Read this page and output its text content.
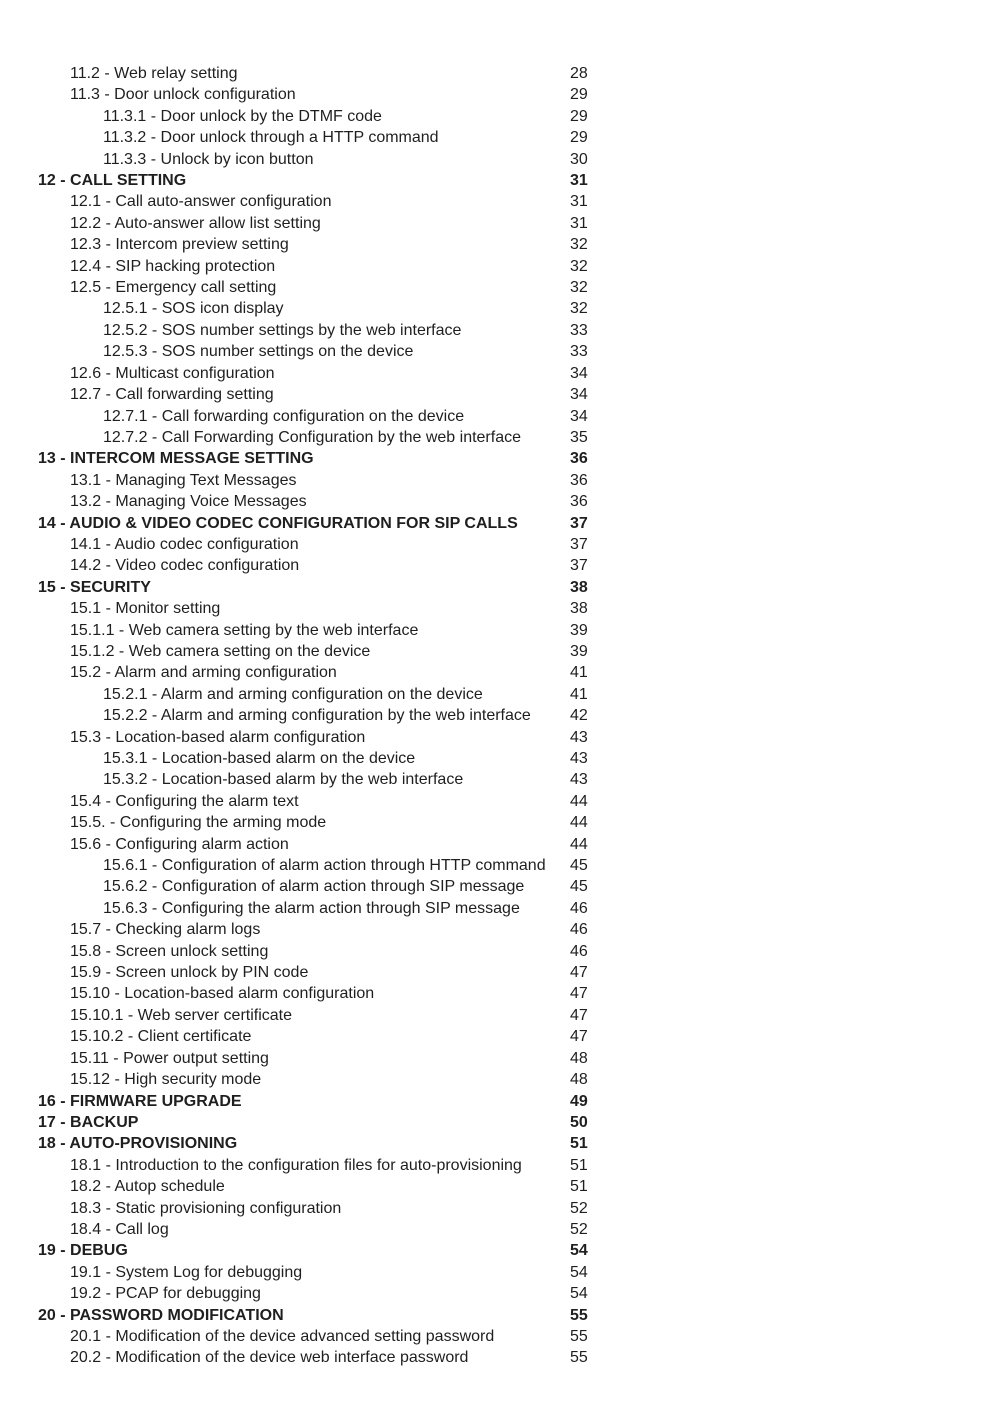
11.2 - Web relay setting	28
11.3 - Door unlock configuration	29
11.3.1 - Door unlock by the DTMF code	29
11.3.2 - Door unlock through a HTTP command	29
11.3.3 - Unlock by icon button	30
12 - CALL SETTING	31
12.1 - Call auto-answer configuration	31
12.2 - Auto-answer allow list setting	31
12.3 - Intercom preview setting	32
12.4 - SIP hacking protection	32
12.5 - Emergency call setting	32
12.5.1 - SOS icon display	32
12.5.2 - SOS number settings by the web interface	33
12.5.3 - SOS number settings on the device	33
12.6 - Multicast configuration	34
12.7 - Call forwarding setting	34
12.7.1 - Call forwarding configuration on the device	34
12.7.2 - Call Forwarding Configuration by the web interface	35
13 - INTERCOM MESSAGE SETTING	36
13.1 - Managing Text Messages	36
13.2 - Managing Voice Messages	36
14 - AUDIO & VIDEO CODEC CONFIGURATION FOR SIP CALLS	37
14.1 - Audio codec configuration	37
14.2 - Video codec configuration	37
15 - SECURITY	38
15.1 - Monitor setting	38
15.1.1 - Web camera setting by the web interface	39
15.1.2 - Web camera setting on the device	39
15.2 - Alarm and arming configuration	41
15.2.1 - Alarm and arming configuration on the device	41
15.2.2 - Alarm and arming configuration by the web interface 42
15.3 - Location-based alarm configuration	43
15.3.1 - Location-based alarm on the device	43
15.3.2 - Location-based alarm by the web interface	43
15.4 - Configuring the alarm text	44
15.5. - Configuring the arming mode	44
15.6 - Configuring alarm action	44
15.6.1 - Configuration of alarm action through HTTP command 45
15.6.2 - Configuration of alarm action through SIP message	45
15.6.3 - Configuring the alarm action through SIP message	46
15.7 - Checking alarm logs	46
15.8 - Screen unlock setting	46
15.9 - Screen unlock by PIN code	47
15.10 - Location-based alarm configuration	47
15.10.1 - Web server certificate	47
15.10.2 - Client certificate	47
15.11 - Power output setting	48
15.12 - High security mode	48
16 - FIRMWARE UPGRADE	49
17 - BACKUP	50
18 - AUTO-PROVISIONING	51
18.1 - Introduction to the configuration files for auto-provisioning	51
18.2 - Autop schedule	51
18.3 - Static provisioning configuration	52
18.4 - Call log	52
19 - DEBUG	54
19.1 - System Log for debugging	54
19.2 - PCAP for debugging	54
20 - PASSWORD MODIFICATION	55
20.1 - Modification of the device advanced setting password	55
20.2 - Modification of the device web interface password	55
